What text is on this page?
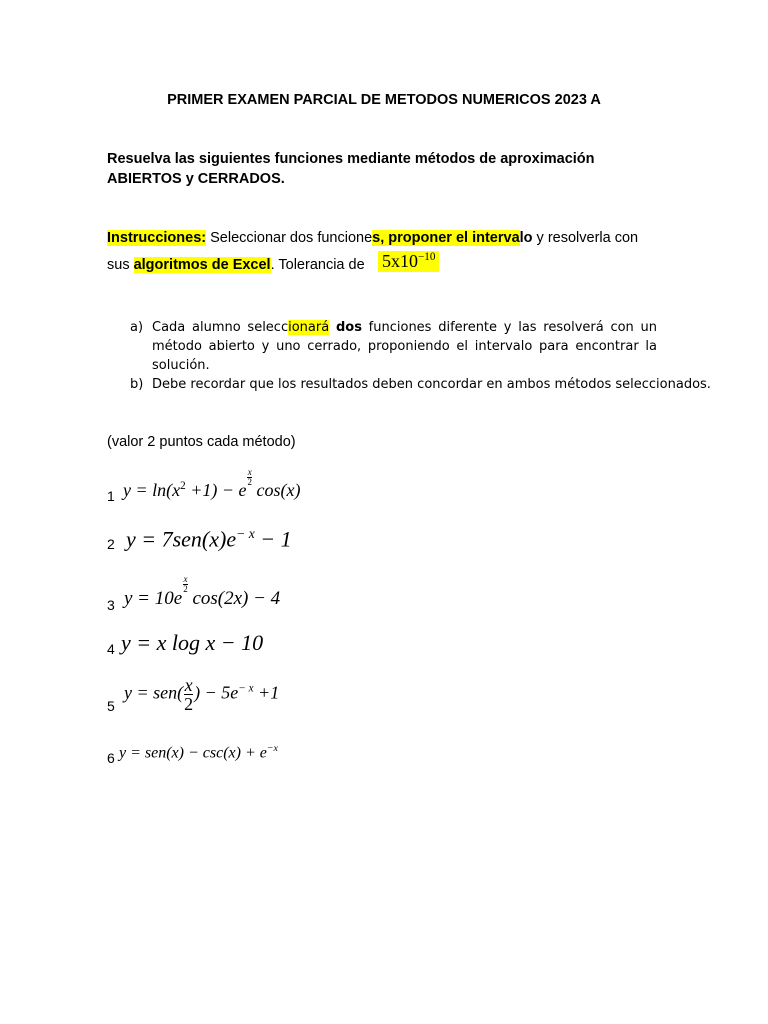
PRIMER EXAMEN PARCIAL DE METODOS NUMERICOS 2023 A
Resuelva las siguientes funciones mediante métodos de aproximación
ABIERTOS y CERRADOS.
Instrucciones: Seleccionar dos funciones, proponer el intervalo y resolverla con
sus algoritmos de Excel. Tolerancia de $5x10^{-10}$
a) Cada alumno seleccionará dos funciones diferente y las resolverá con un
método abierto y uno cerrado, proponiendo el intervalo para encontrar la
solución.
b) Debe recordar que los resultados deben concordar en ambos métodos seleccionados.
(valor 2 puntos cada método)
1 $y = \ln(x^2 +1) - e$
$\frac{x}{2}$
cos(x)
2 $y = 7sen(x)e^{- x} - 1$
3 y = 10e
$\frac{x}{2}$
cos(2x) − 4
4 y = x log x − 10
5
$y = sen( \frac{x}{2}$ ) − $5e^{- x} +1$
6 $y = sen(x) - \csc(x) + e^{-x}$
